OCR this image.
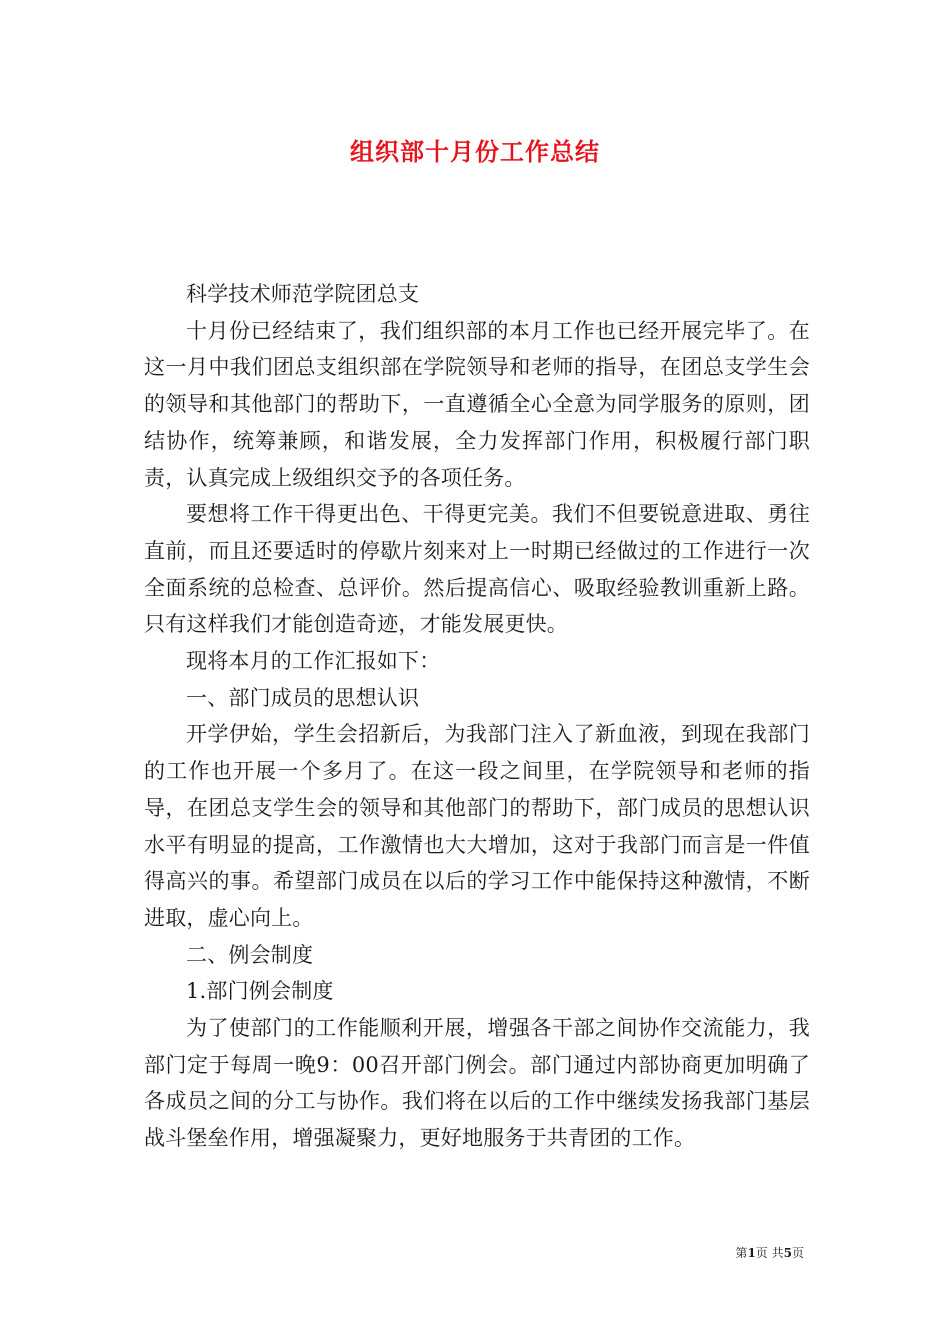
组织部十月份工作总结

科学技术师范学院团总支

十月份已经结束了，我们组织部的本月工作也已经开展完毕了。在这一月中我们团总支组织部在学院领导和老师的指导，在团总支学生会的领导和其他部门的帮助下，一直遵循全心全意为同学服务的原则，团结协作，统筹兼顾，和谐发展，全力发挥部门作用，积极履行部门职责，认真完成上级组织交予的各项任务。

要想将工作干得更出色、干得更完美。我们不但要锐意进取、勇往直前，而且还要适时的停歇片刻来对上一时期已经做过的工作进行一次全面系统的总检查、总评价。然后提高信心、吸取经验教训重新上路。只有这样我们才能创造奇迹，才能发展更快。

现将本月的工作汇报如下：

一、部门成员的思想认识

开学伊始，学生会招新后，为我部门注入了新血液，到现在我部门的工作也开展一个多月了。在这一段之间里，在学院领导和老师的指导，在团总支学生会的领导和其他部门的帮助下，部门成员的思想认识水平有明显的提高，工作激情也大大增加，这对于我部门而言是一件值得高兴的事。希望部门成员在以后的学习工作中能保持这种激情，不断进取，虚心向上。

二、例会制度

1.部门例会制度

为了使部门的工作能顺利开展，增强各干部之间协作交流能力，我部门定于每周一晚9：00召开部门例会。部门通过内部协商更加明确了各成员之间的分工与协作。我们将在以后的工作中继续发扬我部门基层战斗堡垒作用，增强凝聚力，更好地服务于共青团的工作。

第1页 共5页
